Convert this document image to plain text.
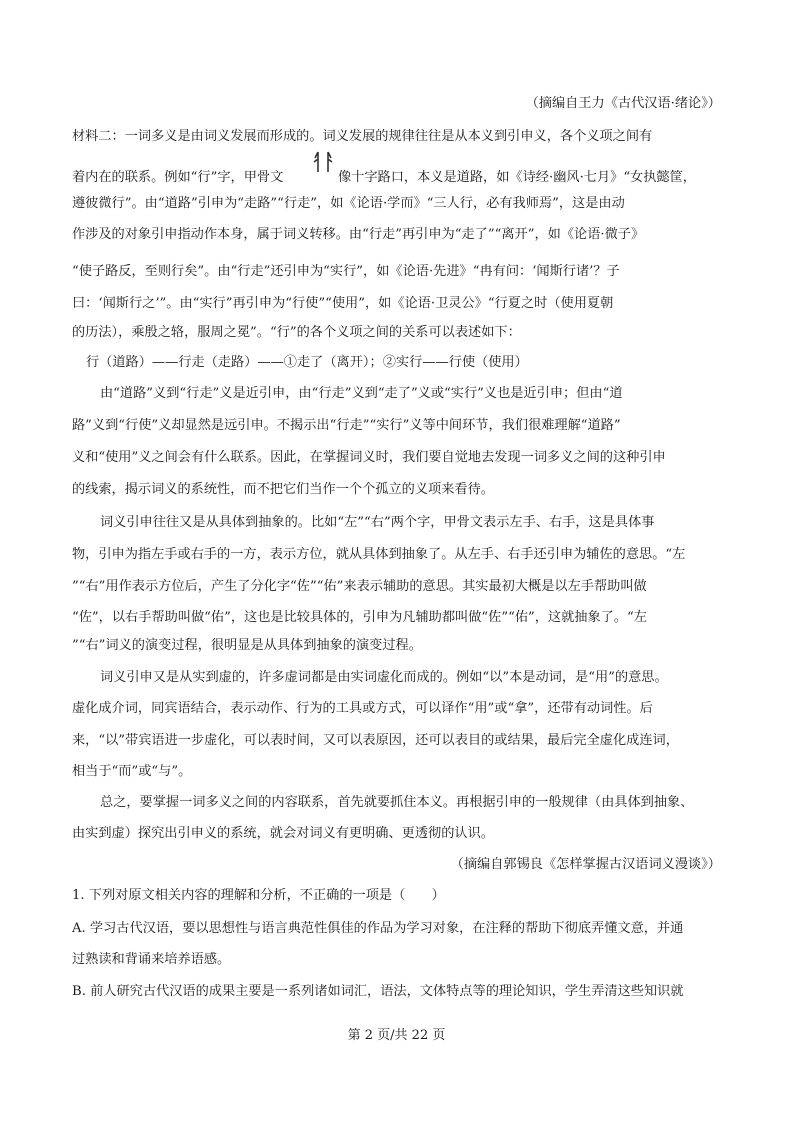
（摘编自王力《古代汉语·绪论》）
材料二：一词多义是由词义发展而形成的。词义发展的规律往往是从本义到引申义，各个义项之间有
着内在的联系。例如“行”字，甲骨文	像十字路口，本义是道路，如《诗经·幽风·七月》“女执懿筐，
遵彼微行”。由“道路”引申为“走路”“行走”，如《论语·学而》“三人行，必有我师焉”，这是由动
作涉及的对象引申指动作本身，属于词义转移。由“行走”再引申为“走了”“离开”，如《论语·微子》
“使子路反，至则行矣”。由“行走”还引申为“实行”，如《论语·先进》“冉有问：‘闻斯行诸’？子
曰：‘闻斯行之’”。由“实行”再引申为“行使”“使用”，如《论语·卫灵公》“行夏之时（使用夏朝
的历法），乘殷之辂，服周之冕”。“行”的各个义项之间的关系可以表述如下：
行（道路）——行走（走路）——①走了（离开）；②实行——行使（使用）
由“道路”义到“行走”义是近引申，由“行走”义到“走了”义或“实行”义也是近引申；但由“道
路”义到“行使”义却显然是远引申。不揭示出“行走”“实行”义等中间环节，我们很难理解“道路”
义和“使用”义之间会有什么联系。因此，在掌握词义时，我们要自觉地去发现一词多义之间的这种引申
的线索，揭示词义的系统性，而不把它们当作一个个孤立的义项来看待。
词义引申往往又是从具体到抽象的。比如“左”“右”两个字，甲骨文表示左手、右手，这是具体事
物，引申为指左手或右手的一方，表示方位，就从具体到抽象了。从左手、右手还引申为辅佐的意思。“左
”“右”用作表示方位后，产生了分化字“佐”“佑”来表示辅助的意思。其实最初大概是以左手帮助叫做
“佐”，以右手帮助叫做“佑”，这也是比较具体的，引申为凡辅助都叫做“佐”“佑”，这就抽象了。“左
”“右”词义的演变过程，很明显是从具体到抽象的演变过程。
词义引申又是从实到虚的，许多虚词都是由实词虚化而成的。例如“以”本是动词，是“用”的意思。
虚化成介词，同宾语结合，表示动作、行为的工具或方式，可以译作“用”或“拿”，还带有动词性。后
来，“以”带宾语进一步虚化，可以表时间，又可以表原因，还可以表目的或结果，最后完全虚化成连词，
相当于“而”或“与”。
总之，要掌握一词多义之间的内容联系，首先就要抓住本义。再根据引申的一般规律（由具体到抽象、
由实到虚）探究出引申义的系统，就会对词义有更明确、更透彻的认识。
（摘编自郭锡良《怎样掌握古汉语词义漫谈》）
1. 下列对原文相关内容的理解和分析，不正确的一项是（　　）
A. 学习古代汉语，要以思想性与语言典范性俱佳的作品为学习对象，在注释的帮助下彻底弄懂文意，并通
过熟读和背诵来培养语感。
B. 前人研究古代汉语的成果主要是一系列诸如词汇，语法，文体特点等的理论知识，学生弄清这些知识就
第 2 页/共 22 页
